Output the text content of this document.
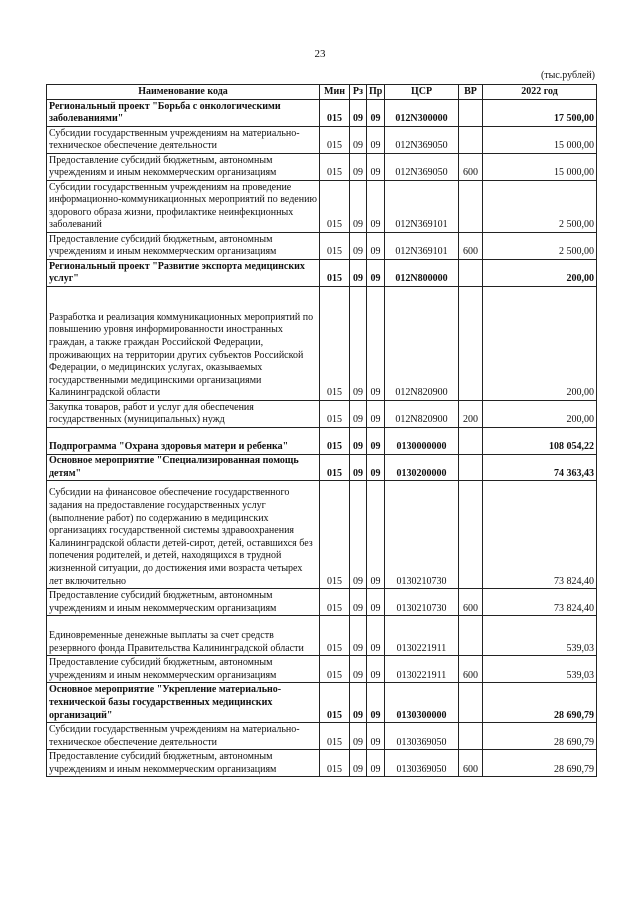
23
(тыс.рублей)
Наименование кода	Мин	Рз	Пр	ЦСР	ВР	2022 год
Региональный проект "Борьба с онкологическими заболеваниями"	015	09	09	012N300000		17 500,00
Субсидии государственным учреждениям на материально-техническое обеспечение деятельности	015	09	09	012N369050		15 000,00
Предоставление субсидий бюджетным, автономным учреждениям и иным некоммерческим организациям	015	09	09	012N369050	600	15 000,00
Субсидии государственным учреждениям на проведение информационно-коммуникационных мероприятий по ведению здорового образа жизни, профилактике неинфекционных заболеваний	015	09	09	012N369101		2 500,00
Предоставление субсидий бюджетным, автономным учреждениям и иным некоммерческим организациям	015	09	09	012N369101	600	2 500,00
Региональный проект "Развитие экспорта медицинских услуг"	015	09	09	012N800000		200,00
Разработка и реализация коммуникационных мероприятий по повышению уровня информированности иностранных граждан, а также граждан Российской Федерации, проживающих на территории других субъектов Российской Федерации, о медицинских услугах, оказываемых государственными медицинскими организациями Калининградской области	015	09	09	012N820900		200,00
Закупка товаров, работ и услуг для обеспечения государственных (муниципальных) нужд	015	09	09	012N820900	200	200,00
Подпрограмма "Охрана здоровья матери и ребенка"	015	09	09	0130000000		108 054,22
Основное мероприятие "Специализированная помощь детям"	015	09	09	0130200000		74 363,43
Субсидии на финансовое обеспечение государственного задания на предоставление государственных услуг (выполнение работ) по содержанию в медицинских организациях государственной системы здравоохранения Калининградской области детей-сирот, детей, оставшихся без попечения родителей, и детей, находящихся в трудной жизненной ситуации, до достижения ими возраста четырех лет включительно	015	09	09	0130210730		73 824,40
Предоставление субсидий бюджетным, автономным учреждениям и иным некоммерческим организациям	015	09	09	0130210730	600	73 824,40
Единовременные денежные выплаты за счет средств резервного фонда Правительства Калининградской области	015	09	09	0130221911		539,03
Предоставление субсидий бюджетным, автономным учреждениям и иным некоммерческим организациям	015	09	09	0130221911	600	539,03
Основное мероприятие "Укрепление материально-технической базы государственных медицинских организаций"	015	09	09	0130300000		28 690,79
Субсидии государственным учреждениям на материально-техническое обеспечение деятельности	015	09	09	0130369050		28 690,79
Предоставление субсидий бюджетным, автономным учреждениям и иным некоммерческим организациям	015	09	09	0130369050	600	28 690,79
